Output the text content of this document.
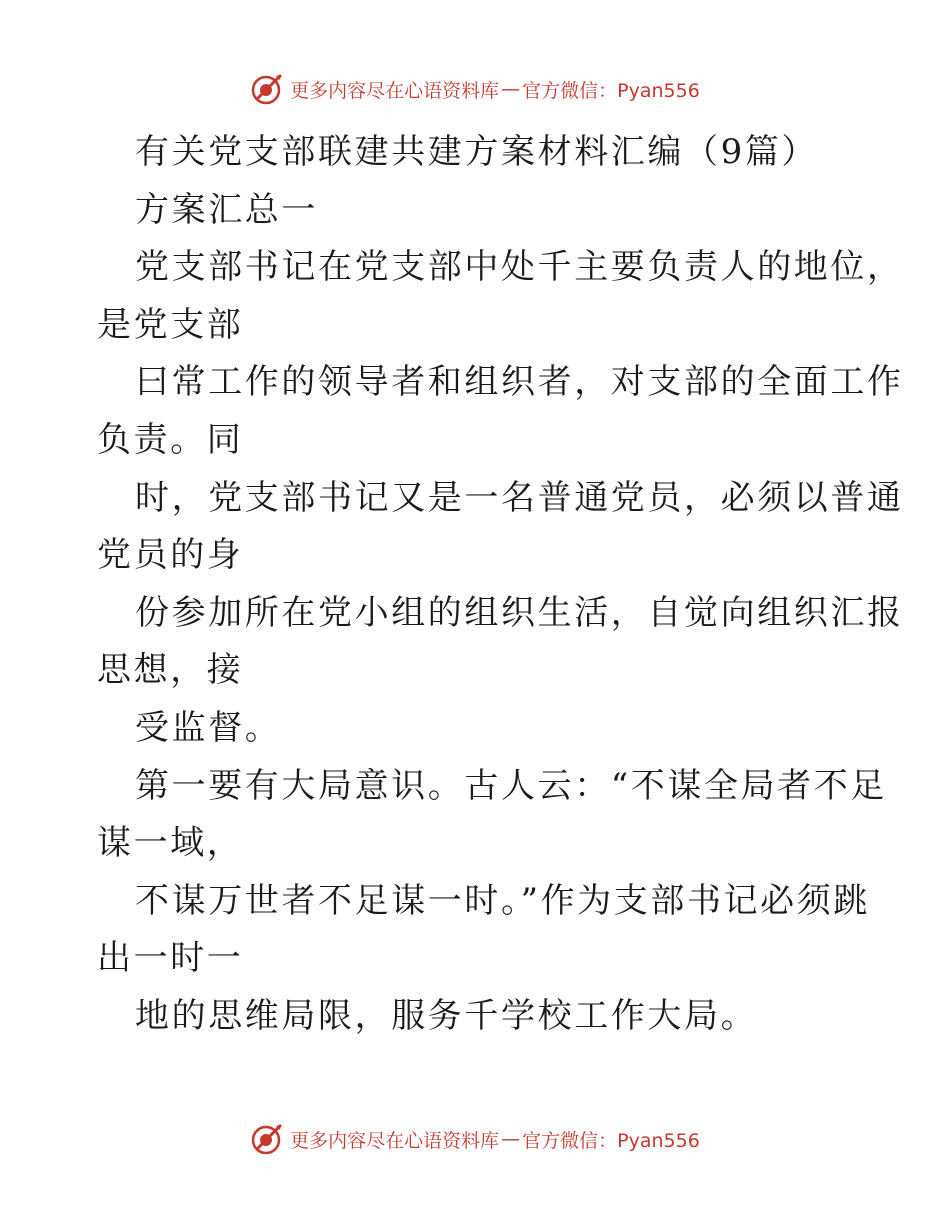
更多内容尽在心语资料库 — 官方微信：Pyan556
有关党支部联建共建方案材料汇编（9篇）
方案汇总一
党支部书记在党支部中处千主要负责人的地位，
是党支部
曰常工作的领导者和组织者，对支部的全面工作
负责。同
时，党支部书记又是一名普通党员，必须以普通
党员的身
份参加所在党小组的组织生活，自觉向组织汇报
思想，接
受监督。
第一要有大局意识。古人云：“不谋全局者不足
谋一域，
不谋万世者不足谋一时。”作为支部书记必须跳
出一时一
地的思维局限，服务千学校工作大局。
更多内容尽在心语资料库 — 官方微信：Pyan556
